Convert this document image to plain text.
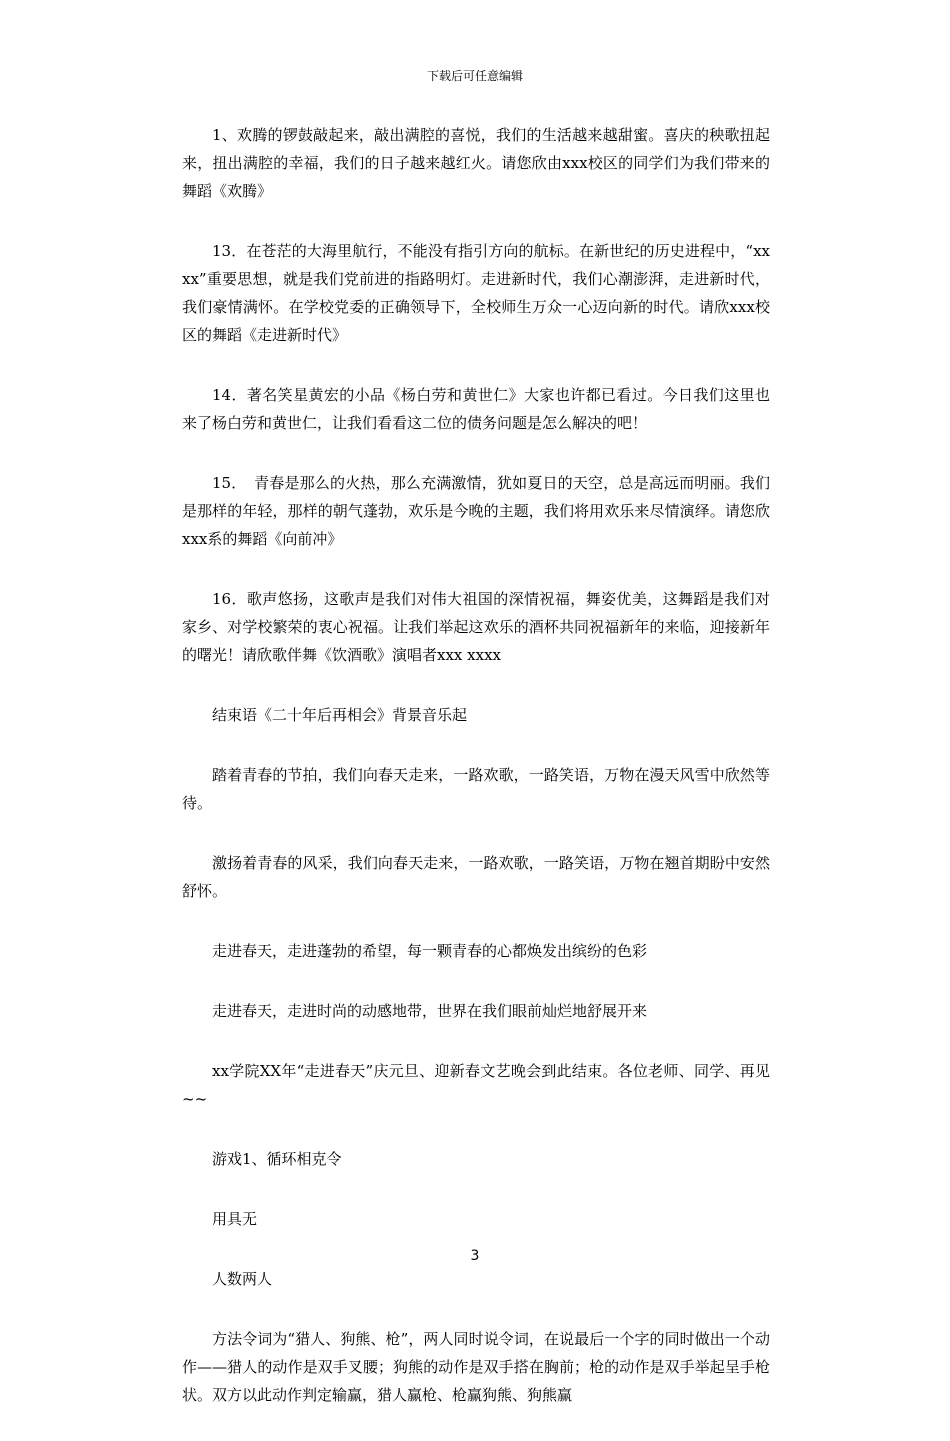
下载后可任意编辑

1、欢腾的锣鼓敲起来，敲出满腔的喜悦，我们的生活越来越甜蜜。喜庆的秧歌扭起来，扭出满腔的幸福，我们的日子越来越红火。请您欣由xxx校区的同学们为我们带来的舞蹈《欢腾》

13．在苍茫的大海里航行，不能没有指引方向的航标。在新世纪的历史进程中，“xxxx”重要思想，就是我们党前进的指路明灯。走进新时代，我们心潮澎湃，走进新时代，我们豪情满怀。在学校党委的正确领导下，全校师生万众一心迈向新的时代。请欣xxx校区的舞蹈《走进新时代》

14．著名笑星黄宏的小品《杨白劳和黄世仁》大家也许都已看过。今日我们这里也来了杨白劳和黄世仁，让我们看看这二位的债务问题是怎么解决的吧！

15．　青春是那么的火热，那么充满激情，犹如夏日的天空，总是高远而明丽。我们是那样的年轻，那样的朝气蓬勃，欢乐是今晚的主题，我们将用欢乐来尽情演绎。请您欣xxx系的舞蹈《向前冲》

16．歌声悠扬，这歌声是我们对伟大祖国的深情祝福，舞姿优美，这舞蹈是我们对家乡、对学校繁荣的衷心祝福。让我们举起这欢乐的酒杯共同祝福新年的来临，迎接新年的曙光！请欣歌伴舞《饮酒歌》演唱者xxx xxxx

结束语《二十年后再相会》背景音乐起

踏着青春的节拍，我们向春天走来，一路欢歌，一路笑语，万物在漫天风雪中欣然等待。

激扬着青春的风采，我们向春天走来，一路欢歌，一路笑语，万物在翘首期盼中安然舒怀。

走进春天，走进蓬勃的希望，每一颗青春的心都焕发出缤纷的色彩

走进春天，走进时尚的动感地带，世界在我们眼前灿烂地舒展开来

xx学院XX年“走进春天”庆元旦、迎新春文艺晚会到此结束。各位老师、同学、再见~~

游戏1、循环相克令

用具无

人数两人

方法令词为“猎人、狗熊、枪”，两人同时说令词，在说最后一个字的同时做出一个动作——猎人的动作是双手叉腰；狗熊的动作是双手搭在胸前；枪的动作是双手举起呈手枪状。双方以此动作判定输赢，猎人赢枪、枪赢狗熊、狗熊赢

3
